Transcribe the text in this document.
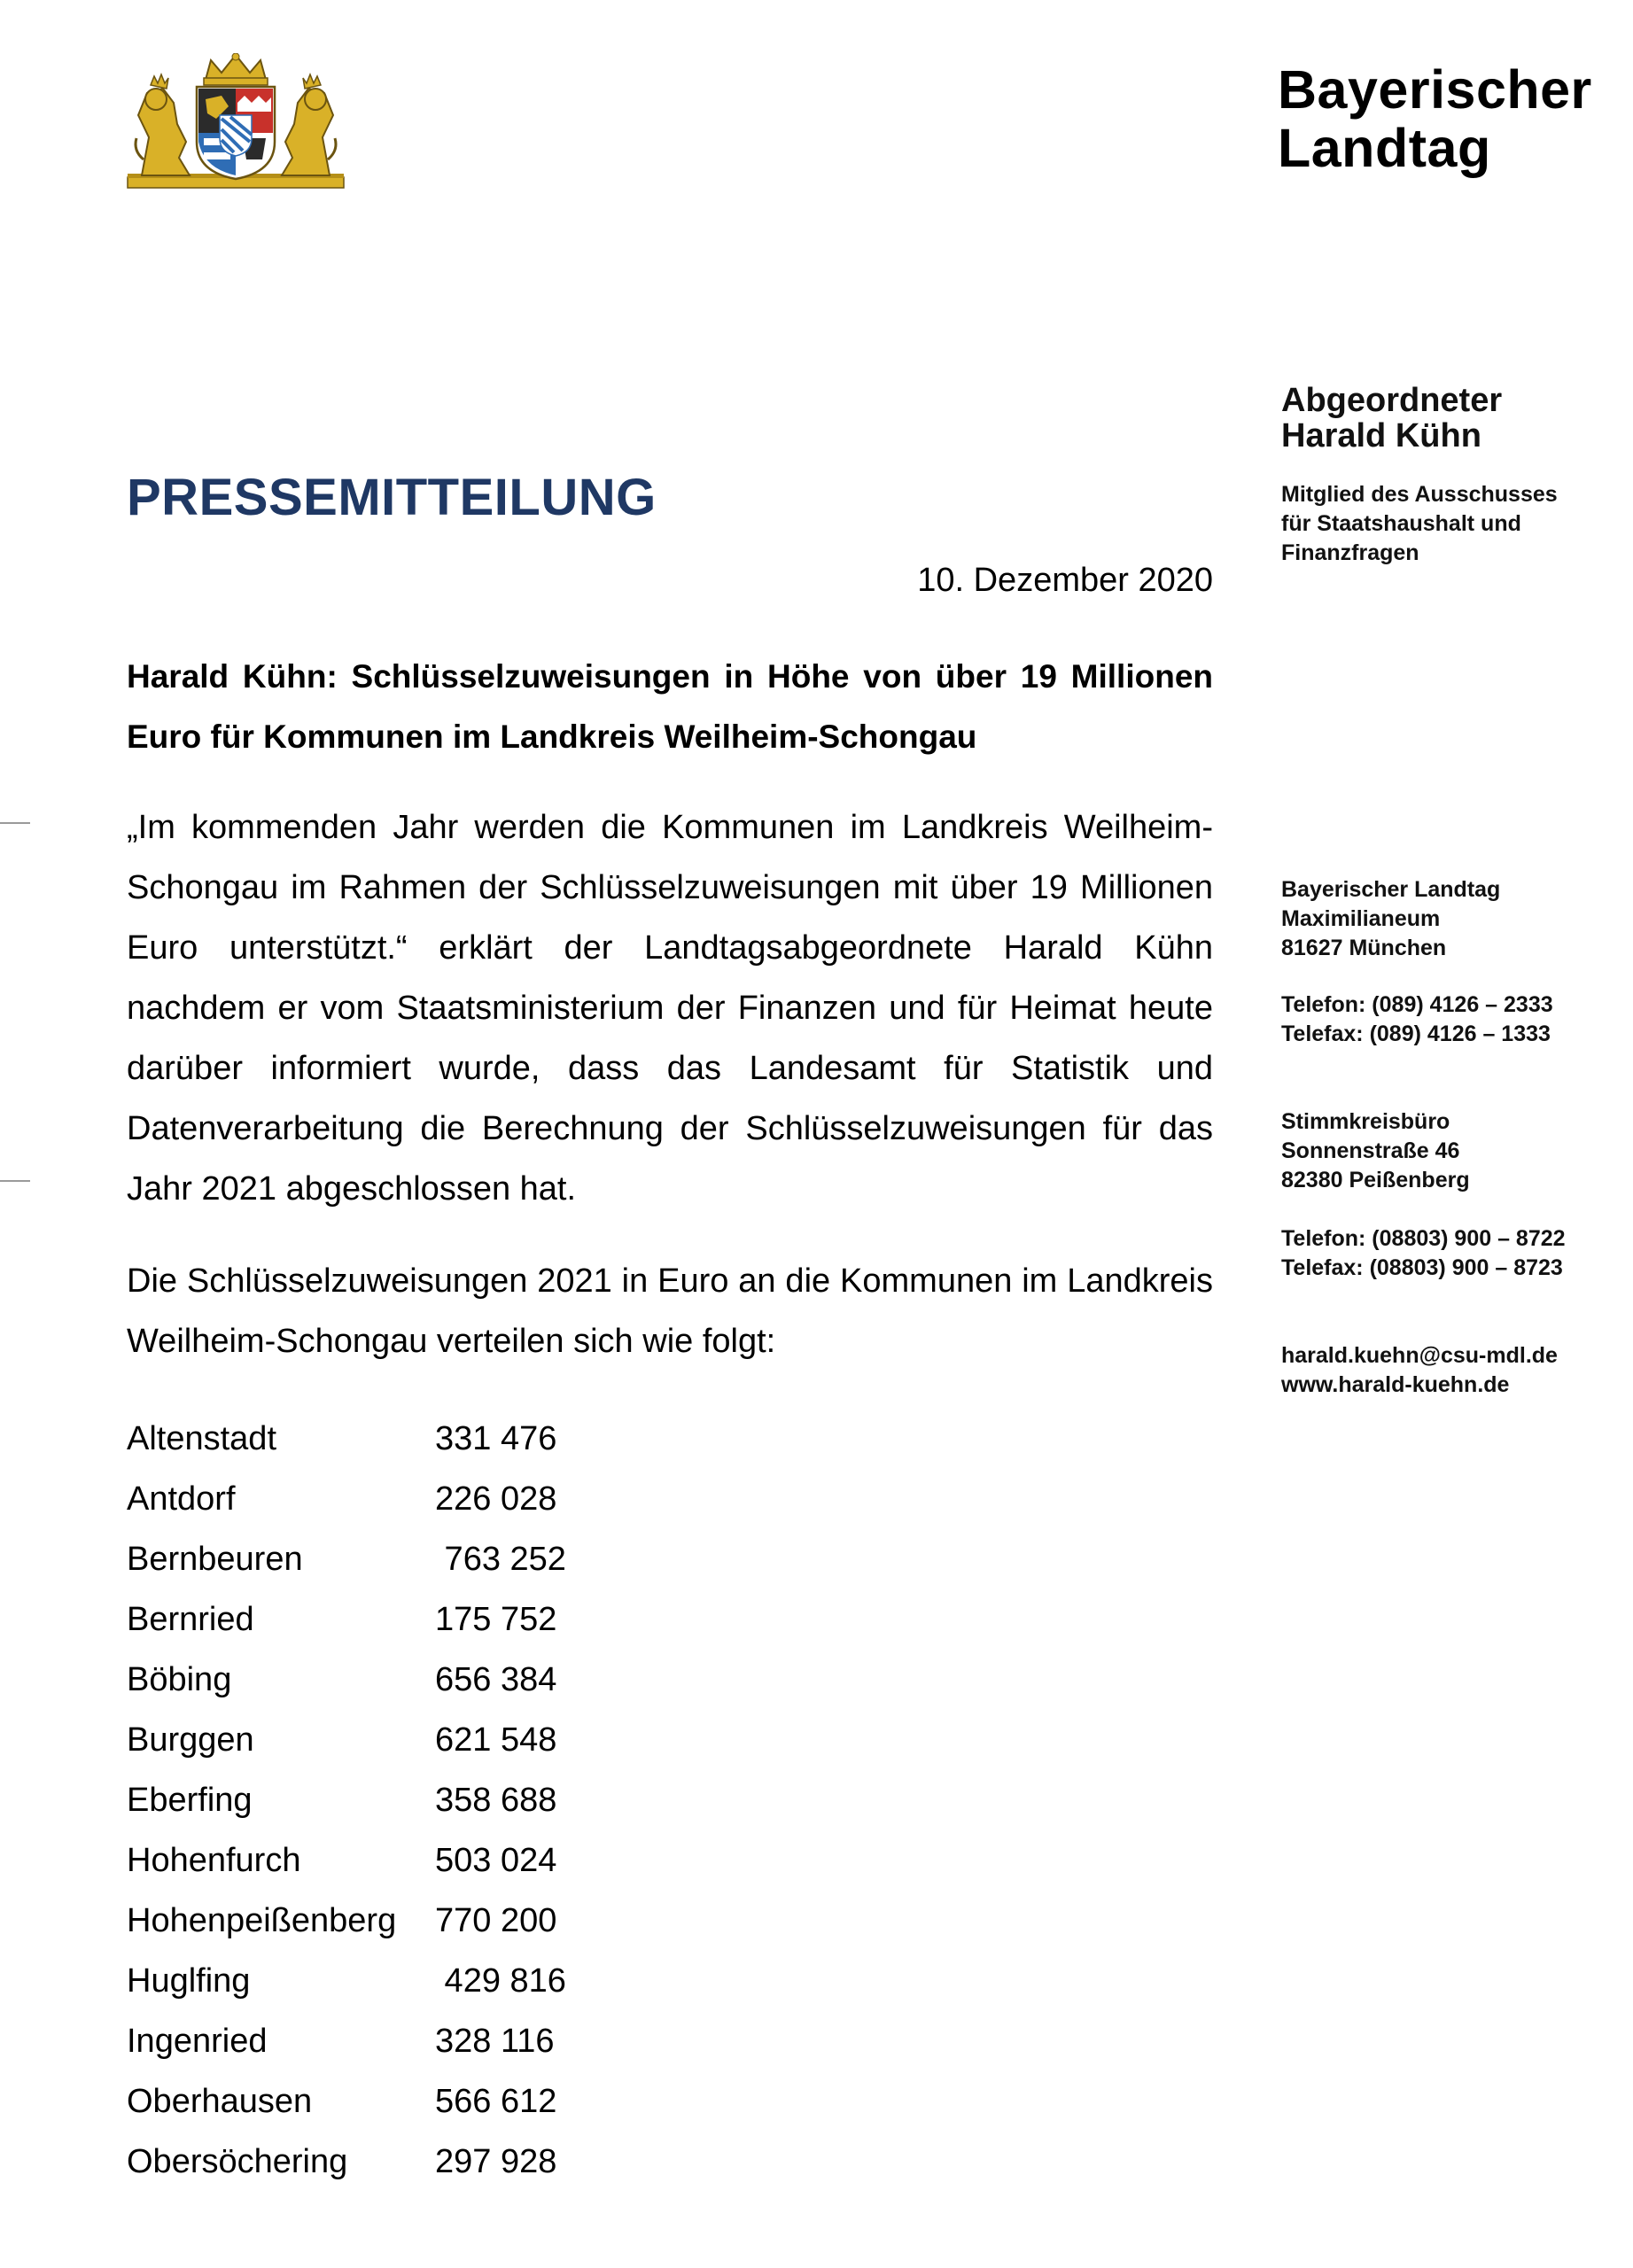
Bayerischer
Landtag
Abgeordneter
Harald Kühn
Mitglied des Ausschusses
für Staatshaushalt und
Finanzfragen
Bayerischer Landtag
Maximilianeum
81627 München
Telefon: (089) 4126 – 2333
Telefax: (089) 4126 – 1333
Stimmkreisbüro
Sonnenstraße 46
82380 Peißenberg
Telefon: (08803) 900 – 8722
Telefax: (08803) 900 – 8723
harald.kuehn@csu-mdl.de
www.harald-kuehn.de
PRESSEMITTEILUNG
10. Dezember 2020
Harald Kühn: Schlüsselzuweisungen in Höhe von über 19 Millionen Euro für Kommunen im Landkreis Weilheim-Schongau
„Im kommenden Jahr werden die Kommunen im Landkreis Weilheim-Schongau im Rahmen der Schlüsselzuweisungen mit über 19 Millionen Euro unterstützt.“ erklärt der Landtagsabgeordnete Harald Kühn nachdem er vom Staatsministerium der Finanzen und für Heimat heute darüber informiert wurde, dass das Landesamt für Statistik und Datenverarbeitung die Berechnung der Schlüsselzuweisungen für das Jahr 2021 abgeschlossen hat.
Die Schlüsselzuweisungen 2021 in Euro an die Kommunen im Landkreis Weilheim-Schongau verteilen sich wie folgt:
Altenstadt	331 476
Antdorf	226 028
Bernbeuren	763 252
Bernried	175 752
Böbing	656 384
Burggen	621 548
Eberfing	358 688
Hohenfurch	503 024
Hohenpeißenberg	770 200
Huglfing	429 816
Ingenried	328 116
Oberhausen	566 612
Obersöchering	297 928
